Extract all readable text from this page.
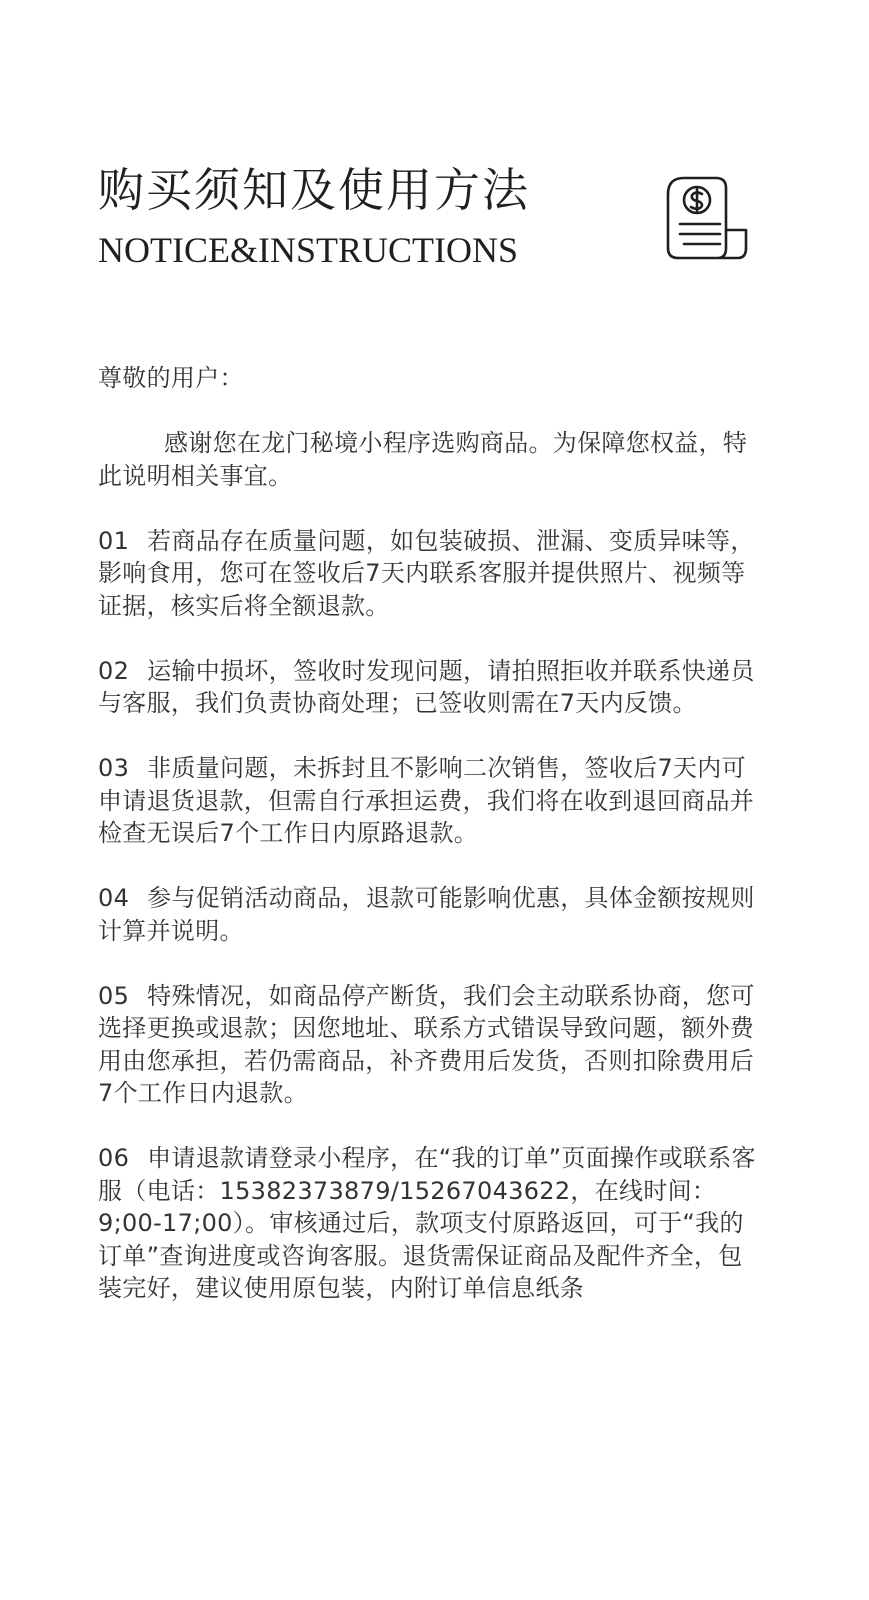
购买须知及使用方法
NOTICE&INSTRUCTIONS

尊敬的用户：

感谢您在龙门秘境小程序选购商品。为保障您权益，特此说明相关事宜。

01 若商品存在质量问题，如包装破损、泄漏、变质异味等，影响食用，您可在签收后7天内联系客服并提供照片、视频等证据，核实后将全额退款。

02 运输中损坏，签收时发现问题，请拍照拒收并联系快递员与客服，我们负责协商处理；已签收则需在7天内反馈。

03 非质量问题，未拆封且不影响二次销售，签收后7天内可申请退货退款，但需自行承担运费，我们将在收到退回商品并检查无误后7个工作日内原路退款。

04 参与促销活动商品，退款可能影响优惠，具体金额按规则计算并说明。

05 特殊情况，如商品停产断货，我们会主动联系协商，您可选择更换或退款；因您地址、联系方式错误导致问题，额外费用由您承担，若仍需商品，补齐费用后发货，否则扣除费用后7个工作日内退款。

06 申请退款请登录小程序，在“我的订单”页面操作或联系客服（电话：15382373879/15267043622，在线时间：9;00-17;00）。审核通过后，款项支付原路返回，可于“我的订单”查询进度或咨询客服。退货需保证商品及配件齐全，包装完好，建议使用原包装，内附订单信息纸条
